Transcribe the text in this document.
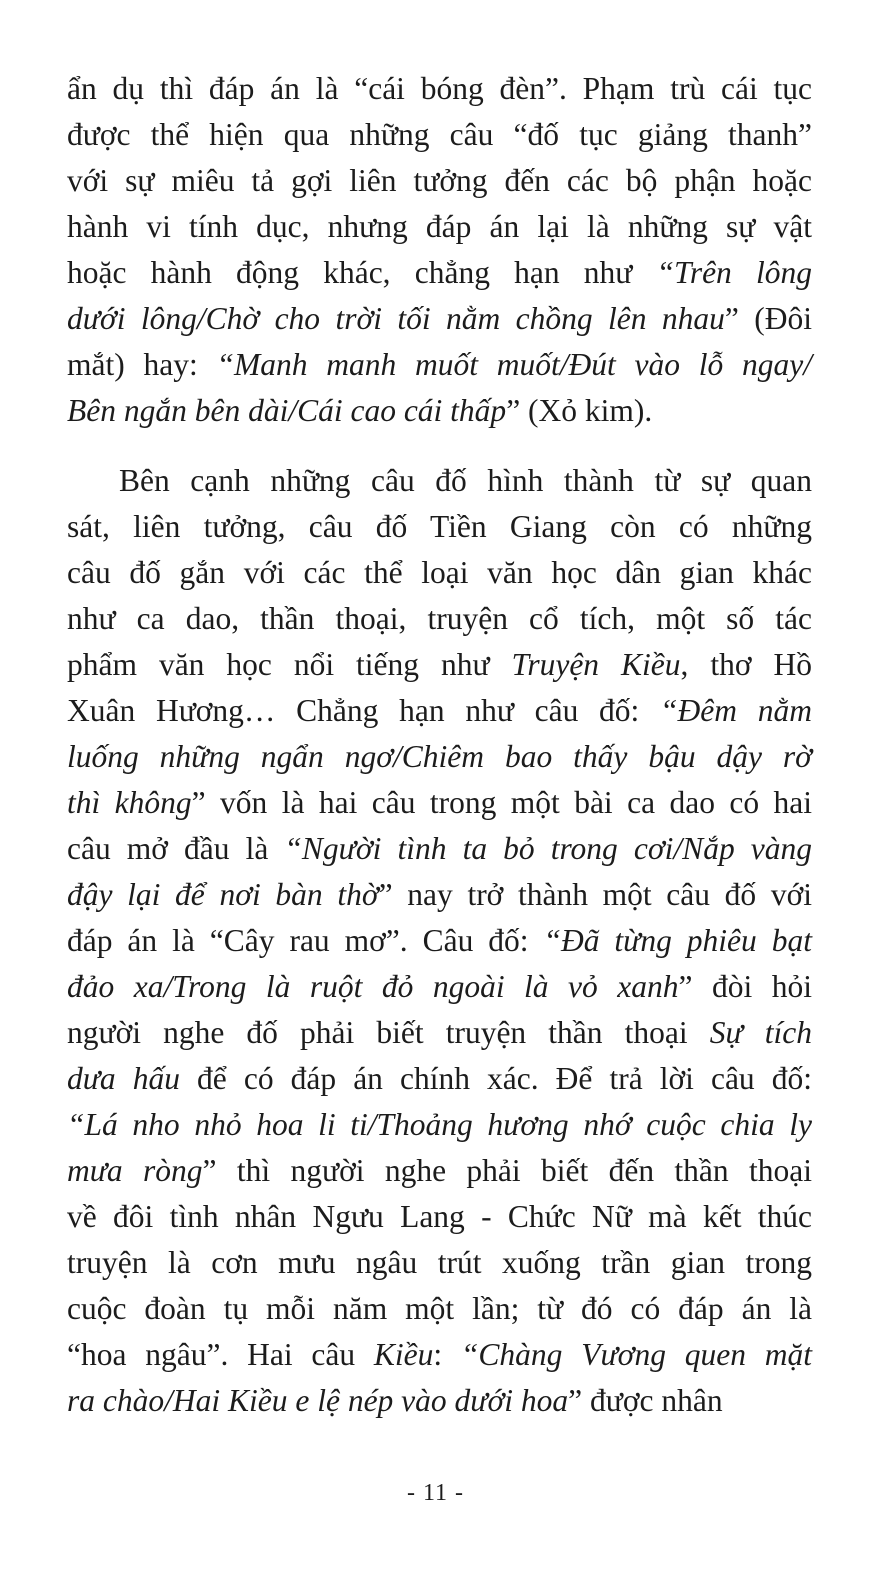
ẩn dụ thì đáp án là “cái bóng đèn”. Phạm trù cái tục
được thể hiện qua những câu “đố tục giảng thanh”
với sự miêu tả gợi liên tưởng đến các bộ phận hoặc
hành vi tính dục, nhưng đáp án lại là những sự vật
hoặc hành động khác, chẳng hạn như “Trên lông
dưới lông/Chờ cho trời tối nằm chồng lên nhau” (Đôi
mắt) hay: “Manh manh muốt muốt/Đút vào lỗ ngay/
Bên ngắn bên dài/Cái cao cái thấp” (Xỏ kim).
Bên cạnh những câu đố hình thành từ sự quan
sát, liên tưởng, câu đố Tiền Giang còn có những
câu đố gắn với các thể loại văn học dân gian khác
như ca dao, thần thoại, truyện cổ tích, một số tác
phẩm văn học nổi tiếng như Truyện Kiều, thơ Hồ
Xuân Hương… Chẳng hạn như câu đố: “Đêm nằm
luống những ngẩn ngơ/Chiêm bao thấy bậu dậy rờ
thì không” vốn là hai câu trong một bài ca dao có hai
câu mở đầu là “Người tình ta bỏ trong cơi/Nắp vàng
đậy lại để nơi bàn thờ” nay trở thành một câu đố với
đáp án là “Cây rau mơ”. Câu đố: “Đã từng phiêu bạt
đảo xa/Trong là ruột đỏ ngoài là vỏ xanh” đòi hỏi
người nghe đố phải biết truyện thần thoại Sự tích
dưa hấu để có đáp án chính xác. Để trả lời câu đố:
“Lá nho nhỏ hoa li ti/Thoảng hương nhớ cuộc chia ly
mưa ròng” thì người nghe phải biết đến thần thoại
về đôi tình nhân Ngưu Lang - Chức Nữ mà kết thúc
truyện là cơn mưu ngâu trút xuống trần gian trong
cuộc đoàn tụ mỗi năm một lần; từ đó có đáp án là
“hoa ngâu”. Hai câu Kiều: “Chàng Vương quen mặt
ra chào/Hai Kiều e lệ nép vào dưới hoa” được nhân
- 11 -
